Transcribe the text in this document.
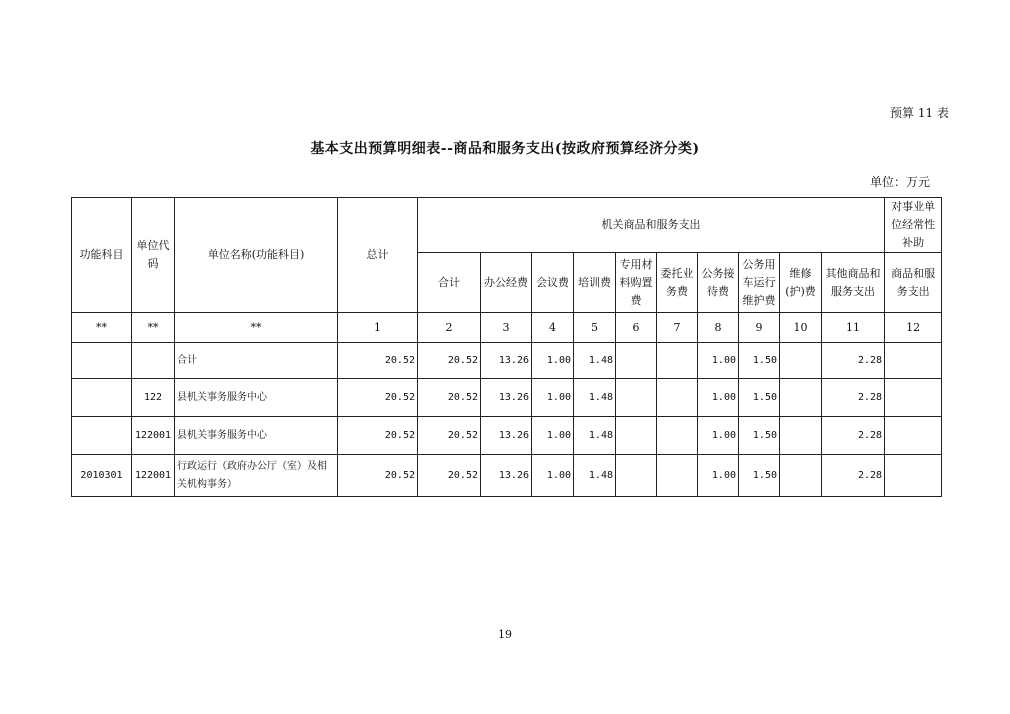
预算 11 表
基本支出预算明细表--商品和服务支出(按政府预算经济分类)
单位：万元
功能科目	单位代码	单位名称(功能科目)	总计	机关商品和服务支出										对事业单位经常性补助
				合计	办公经费	会议费	培训费	专用材料购置费	委托业务费	公务接待费	公务用车运行维护费	维修(护)费	其他商品和服务支出	商品和服务支出
**	**	**	1	2	3	4	5	6	7	8	9	10	11	12
		合计	20.52	20.52	13.26	1.00	1.48			1.00	1.50		2.28	
	122	县机关事务服务中心	20.52	20.52	13.26	1.00	1.48			1.00	1.50		2.28	
	122001	县机关事务服务中心	20.52	20.52	13.26	1.00	1.48			1.00	1.50		2.28	
2010301	122001	行政运行（政府办公厅（室）及相关机构事务）	20.52	20.52	13.26	1.00	1.48			1.00	1.50		2.28	
19
